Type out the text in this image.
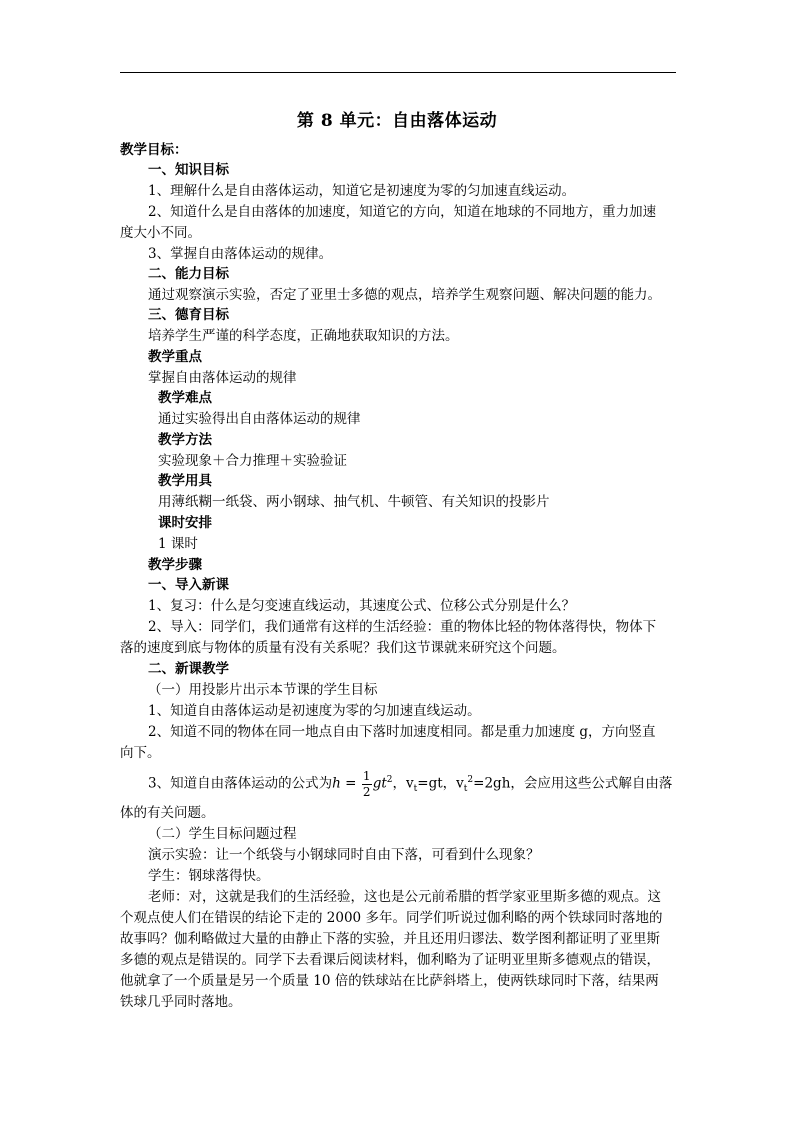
第 8 单元：自由落体运动
教学目标：
一、知识目标
1、理解什么是自由落体运动，知道它是初速度为零的匀加速直线运动。
2、知道什么是自由落体的加速度，知道它的方向，知道在地球的不同地方，重力加速
度大小不同。
3、掌握自由落体运动的规律。
二、能力目标
通过观察演示实验，否定了亚里士多德的观点，培养学生观察问题、解决问题的能力。
三、德育目标
培养学生严谨的科学态度，正确地获取知识的方法。
教学重点
掌握自由落体运动的规律
教学难点
通过实验得出自由落体运动的规律
教学方法
实验现象＋合力推理＋实验验证
教学用具
用薄纸糊一纸袋、两小钢球、抽气机、牛顿管、有关知识的投影片
课时安排
1 课时
教学步骤
一、导入新课
1、复习：什么是匀变速直线运动，其速度公式、位移公式分别是什么？
2、导入：同学们，我们通常有这样的生活经验：重的物体比轻的物体落得快，物体下
落的速度到底与物体的质量有没有关系呢？我们这节课就来研究这个问题。
二、新课教学
（一）用投影片出示本节课的学生目标
1、知道自由落体运动是初速度为零的匀加速直线运动。
2、知道不同的物体在同一地点自由下落时加速度相同。都是重力加速度 g，方向竖直
向下。
3、知道自由落体运动的公式为$h = \frac{1}{2} gt^2$，$v_t=gt$，$v_t^2=2gh$，会应用这些公式解自由落
体的有关问题。
（二）学生目标问题过程
演示实验：让一个纸袋与小钢球同时自由下落，可看到什么现象？
学生：钢球落得快。
老师：对，这就是我们的生活经验，这也是公元前希腊的哲学家亚里斯多德的观点。这
个观点使人们在错误的结论下走的 2000 多年。同学们听说过伽利略的两个铁球同时落地的
故事吗？伽利略做过大量的由静止下落的实验，并且还用归谬法、数学图利都证明了亚里斯
多德的观点是错误的。同学下去看课后阅读材料，伽利略为了证明亚里斯多德观点的错误，
他就拿了一个质量是另一个质量 10 倍的铁球站在比萨斜塔上，使两铁球同时下落，结果两
铁球几乎同时落地。
